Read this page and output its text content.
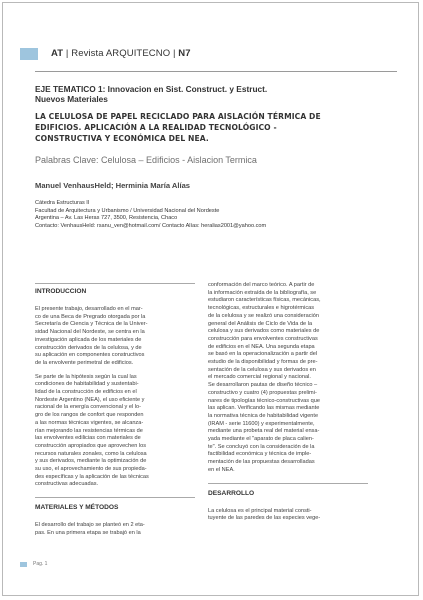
AT | Revista ARQUITECNO | N7
EJE TEMATICO 1: Innovacion en Sist. Construct. y Estruct.
Nuevos Materiales
LA CELULOSA DE PAPEL RECICLADO PARA AISLACIÓN TÉRMICA DE
EDIFICIOS. APLICACIÓN A LA REALIDAD TECNOLÓGICO -
CONSTRUCTIVA Y ECONÓMICA DEL NEA.
Palabras Clave: Celulosa – Edificios - Aislacion Termica
Manuel VenhausHeld; Herminia María Alías
Cátedra Estructuras II
Facultad de Arquitectura y Urbanismo / Universidad Nacional del Nordeste
Argentina – Av. Las Heras 727, 3500, Resistencia, Chaco
Contacto: VenhausHeld: rsanu_ven@hotmail.com/ Contacto Alías: heralias2001@yahoo.com
INTRODUCCION
El presente trabajo, desarrollado en el mar-
co de una Beca de Pregrado otorgada por la
Secretaría de Ciencia y Técnica de la Univer-
sidad Nacional del Nordeste, se centra en la
investigación aplicada de los materiales de
construcción derivados de la celulosa, y de
su aplicación en componentes constructivos
de la envolvente perimetral de edificios.
Se parte de la hipótesis según la cual las
condiciones de habitabilidad y sustentabi-
lidad de la construcción de edificios en el
Nordeste Argentino (NEA), el uso eficiente y
racional de la energía convencional y el lo-
gro de los rangos de confort que responden
a las normas técnicas vigentes, se alcanza-
rían mejorando las resistencias térmicas de
las envolventes edilicias con materiales de
construcción apropiados que aprovechen los
recursos naturales zonales, como la celulosa
y sus derivados, mediante la optimización de
su uso, el aprovechamiento de sus propieda-
des específicas y la aplicación de las técnicas
constructivas adecuadas.
MATERIALES Y MÉTODOS
El desarrollo del trabajo se planteó en 2 eta-
pas. En una primera etapa se trabajó en la
conformación del marco teórico. A partir de
la información extraída de la bibliografía, se
estudiaron características físicas, mecánicas,
tecnológicas, estructurales e higrotérmicas
de la celulosa y se realizó una consideración
general del Análisis de Ciclo de Vida de la
celulosa y sus derivados como materiales de
construcción para envolventes constructivas
de edificios en el NEA. Una segunda etapa
se basó en la operacionalización a partir del
estudio de la disponibilidad y formas de pre-
sentación de la celulosa y sus derivados en
el mercado comercial regional y nacional.
Se desarrollaron pautas de diseño técnico –
constructivo y cuatro (4) propuestas prelimi-
nares de tipologías técnico-constructivas que
las aplican. Verificando las mismas mediante
la normativa técnica de habitabilidad vigente
(IRAM - serie 11600) y experimentalmente,
mediante una probeta real del material ensa-
yada mediante el "aparato de placa calien-
te". Se concluyó con la consideración de la
factibilidad económica y técnica de imple-
mentación de las propuestas desarrolladas
en el NEA.
DESARROLLO
La celulosa es el principal material consti-
tuyente de las paredes de las especies vege-
Pag. 1
